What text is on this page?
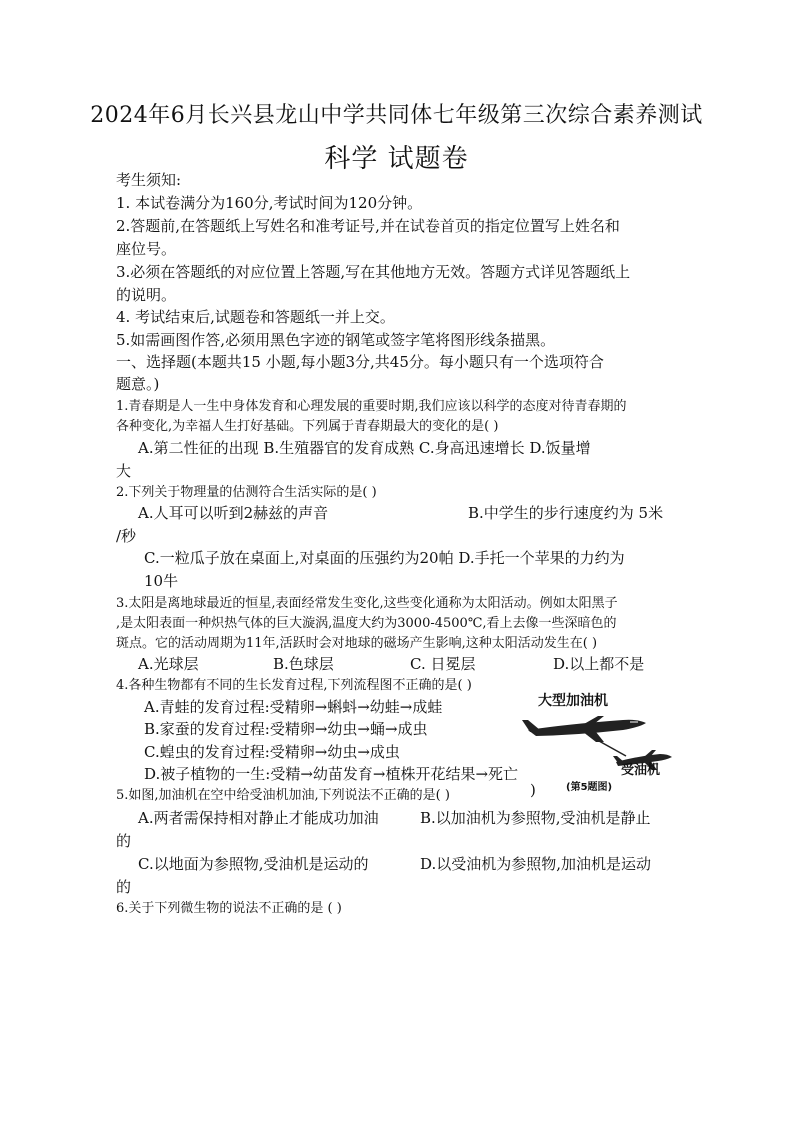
2024年6月长兴县龙山中学共同体七年级第三次综合素养测试
科学 试题卷
考生须知:
1. 本试卷满分为160分,考试时间为120分钟。
2.答题前,在答题纸上写姓名和准考证号,并在试卷首页的指定位置写上姓名和
座位号。
3.必须在答题纸的对应位置上答题,写在其他地方无效。答题方式详见答题纸上
的说明。
4. 考试结束后,试题卷和答题纸一并上交。
5.如需画图作答,必须用黑色字迹的钢笔或签字笔将图形线条描黑。
一、选择题(本题共15 小题,每小题3分,共45分。每小题只有一个选项符合
题意。)
1.青春期是人一生中身体发育和心理发展的重要时期,我们应该以科学的态度对待青春期的
各种变化,为幸福人生打好基础。下列属于青春期最大的变化的是( )
A.第二性征的出现 B.生殖器官的发育成熟 C.身高迅速增长 D.饭量增
大
2.下列关于物理量的估测符合生活实际的是( )
A.人耳可以听到2赫兹的声音	B.中学生的步行速度约为 5米
/秒
C.一粒瓜子放在桌面上,对桌面的压强约为20帕 D.手托一个苹果的力约为
10牛
3.太阳是离地球最近的恒星,表面经常发生变化,这些变化通称为太阳活动。例如太阳黑子
,是太阳表面一种炽热气体的巨大漩涡,温度大约为3000-4500℃,看上去像一些深暗色的
斑点。它的活动周期为11年,活跃时会对地球的磁场产生影响,这种太阳活动发生在( )
A.光球层	B.色球层	C. 日冕层	D.以上都不是
4.各种生物都有不同的生长发育过程,下列流程图不正确的是( )
A.青蛙的发育过程:受精卵→蝌蚪→幼蛙→成蛙
B.家蚕的发育过程:受精卵→幼虫→蛹→成虫
C.蝗虫的发育过程:受精卵→幼虫→成虫
D.被子植物的一生:受精→幼苗发育→植株开花结果→死亡
大型加油机
受油机
(第5题图)
5.如图,加油机在空中给受油机加油,下列说法不正确的是( )	)
A.两者需保持相对静止才能成功加油	B.以加油机为参照物,受油机是静止
的
C.以地面为参照物,受油机是运动的	D.以受油机为参照物,加油机是运动
的
6.关于下列微生物的说法不正确的是 ( )
